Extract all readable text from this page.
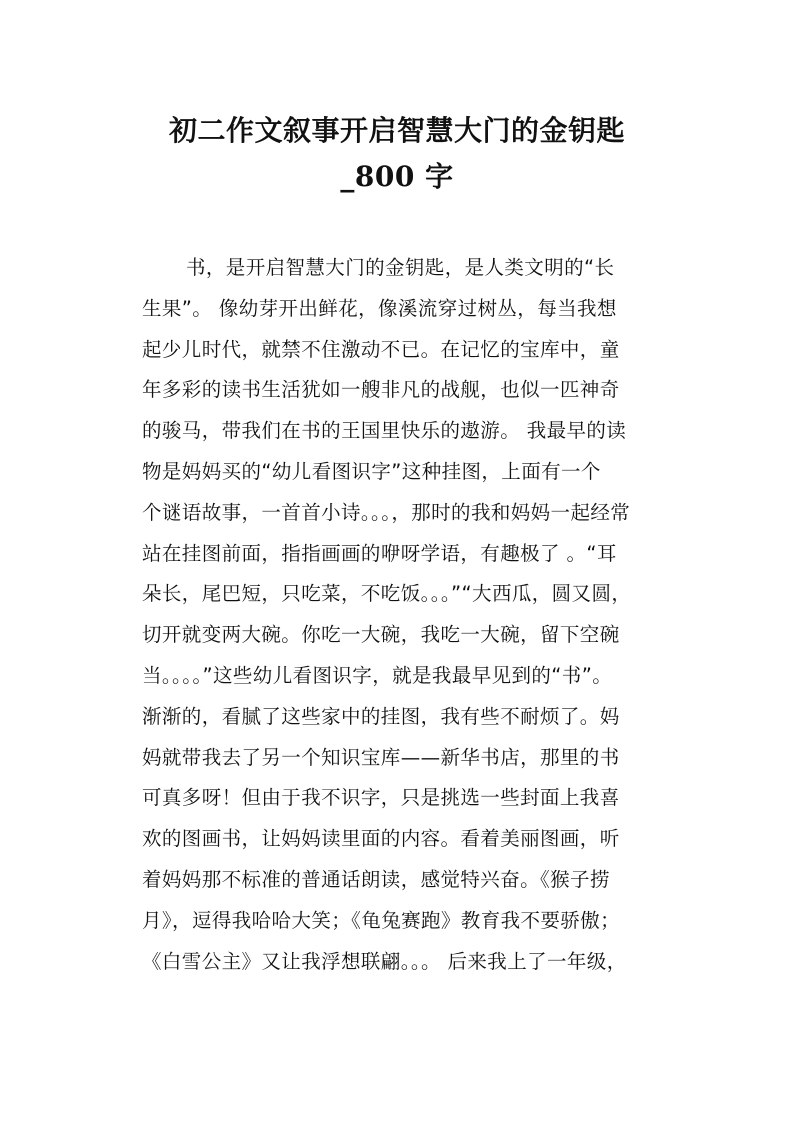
初二作文叙事开启智慧大门的金钥匙
_800 字
书，是开启智慧大门的金钥匙，是人类文明的“长
生果”。 像幼芽开出鲜花，像溪流穿过树丛，每当我想
起少儿时代，就禁不住激动不已。在记忆的宝库中，童
年多彩的读书生活犹如一艘非凡的战舰，也似一匹神奇
的骏马，带我们在书的王国里快乐的遨游。 我最早的读
物是妈妈买的“幼儿看图识字”这种挂图，上面有一个
个谜语故事，一首首小诗。。。，那时的我和妈妈一起经常
站在挂图前面，指指画画的咿呀学语，有趣极了 。“耳
朵长，尾巴短，只吃菜，不吃饭。。。”“大西瓜，圆又圆，
切开就变两大碗。你吃一大碗，我吃一大碗，留下空碗
当。。。。”这些幼儿看图识字，就是我最早见到的“书”。
渐渐的，看腻了这些家中的挂图，我有些不耐烦了。妈
妈就带我去了另一个知识宝库——新华书店，那里的书
可真多呀！但由于我不识字，只是挑选一些封面上我喜
欢的图画书，让妈妈读里面的内容。看着美丽图画，听
着妈妈那不标准的普通话朗读，感觉特兴奋。《猴子捞
月》，逗得我哈哈大笑；《龟兔赛跑》教育我不要骄傲；
《白雪公主》又让我浮想联翩。。。 后来我上了一年级，
